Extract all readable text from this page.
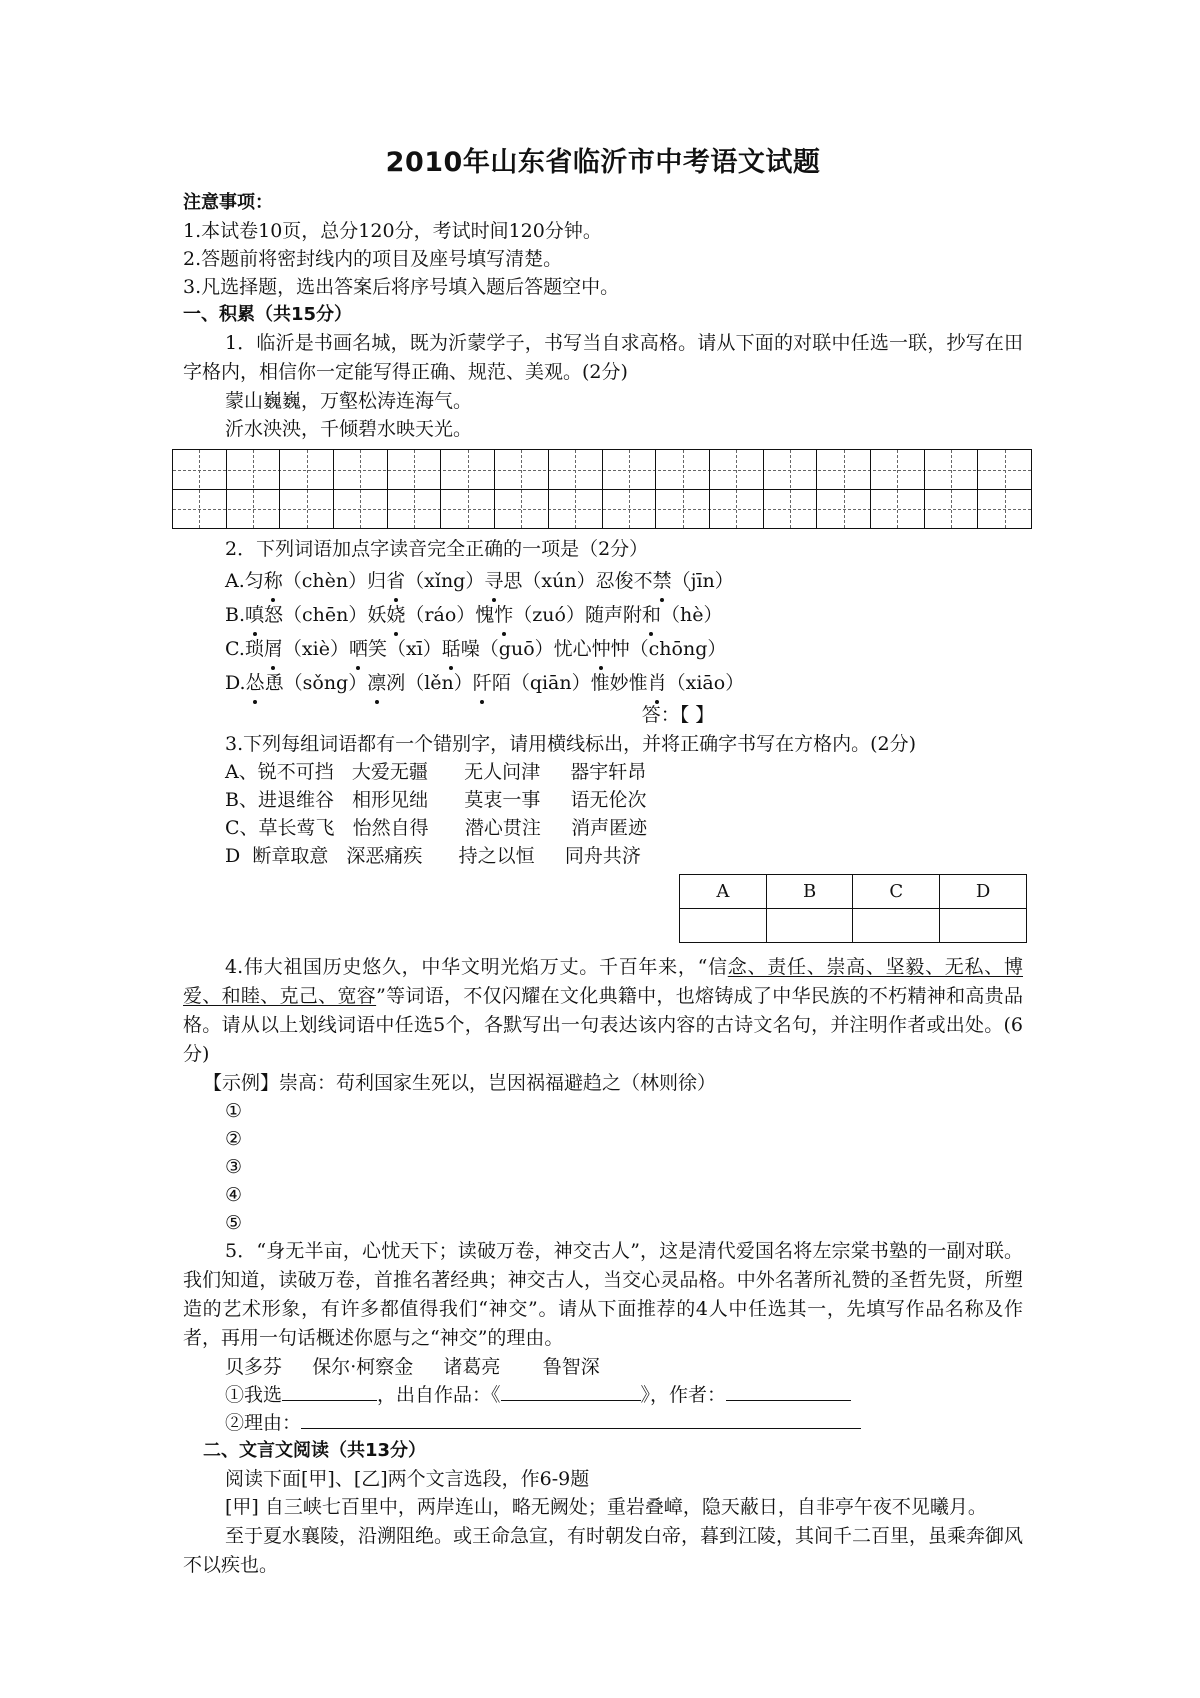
2010年山东省临沂市中考语文试题

注意事项：

1.本试卷10页，总分120分，考试时间120分钟。

2.答题前将密封线内的项目及座号填写清楚。

3.凡选择题，选出答案后将序号填入题后答题空中。

一、积累（共15分）

1．临沂是书画名城，既为沂蒙学子，书写当自求高格。请从下面的对联中任选一联，抄写在田字格内，相信你一定能写得正确、规范、美观。(2分)

蒙山巍巍，万壑松涛连海气。

沂水泱泱，千倾碧水映天光。

2．下列词语加点字读音完全正确的一项是（2分）

A.匀称（chèn）归省（xǐng）寻思（xún）忍俊不禁（jīn）

B.嗔怒（chēn）妖娆（ráo）愧怍（zuó）随声附和（hè）

C.琐屑（xiè）哂笑（xī）聒噪（guō）忧心忡忡（chōng）

D.怂恿（sǒng）凛冽（lěn）阡陌（qiān）惟妙惟肖（xiāo）

答：【 】

3.下列每组词语都有一个错别字，请用横线标出，并将正确字书写在方格内。(2分)

A、锐不可挡   大爱无疆      无人问津     器宇轩昂

B、进退维谷   相形见绌      莫衷一事     语无伦次

C、草长莺飞   怡然自得      潜心贯注     消声匿迹

D  断章取意   深恶痛疾      持之以恒     同舟共济

A	B	C	D

4.伟大祖国历史悠久，中华文明光焰万丈。千百年来，“信念、责任、崇高、坚毅、无私、博爱、和睦、克己、宽容”等词语，不仅闪耀在文化典籍中，也熔铸成了中华民族的不朽精神和高贵品格。请从以上划线词语中任选5个，各默写出一句表达该内容的古诗文名句，并注明作者或出处。(6分)

【示例】崇高：苟利国家生死以，岂因祸福避趋之（林则徐）

①

②

③

④

⑤

5．“身无半亩，心忧天下；读破万卷，神交古人”，这是清代爱国名将左宗棠书塾的一副对联。我们知道，读破万卷，首推名著经典；神交古人，当交心灵品格。中外名著所礼赞的圣哲先贤，所塑造的艺术形象，有许多都值得我们“神交”。请从下面推荐的4人中任选其一，先填写作品名称及作者，再用一句话概述你愿与之“神交”的理由。

贝多芬     保尔·柯察金     诸葛亮       鲁智深

①我选	，出自作品：《	》，作者：

②理由：

二、文言文阅读（共13分）

阅读下面[甲]、[乙]两个文言选段，作6-9题

[甲] 自三峡七百里中，两岸连山，略无阙处；重岩叠嶂，隐天蔽日，自非亭午夜不见曦月。

至于夏水襄陵，沿溯阻绝。或王命急宣，有时朝发白帝，暮到江陵，其间千二百里，虽乘奔御风不以疾也。
